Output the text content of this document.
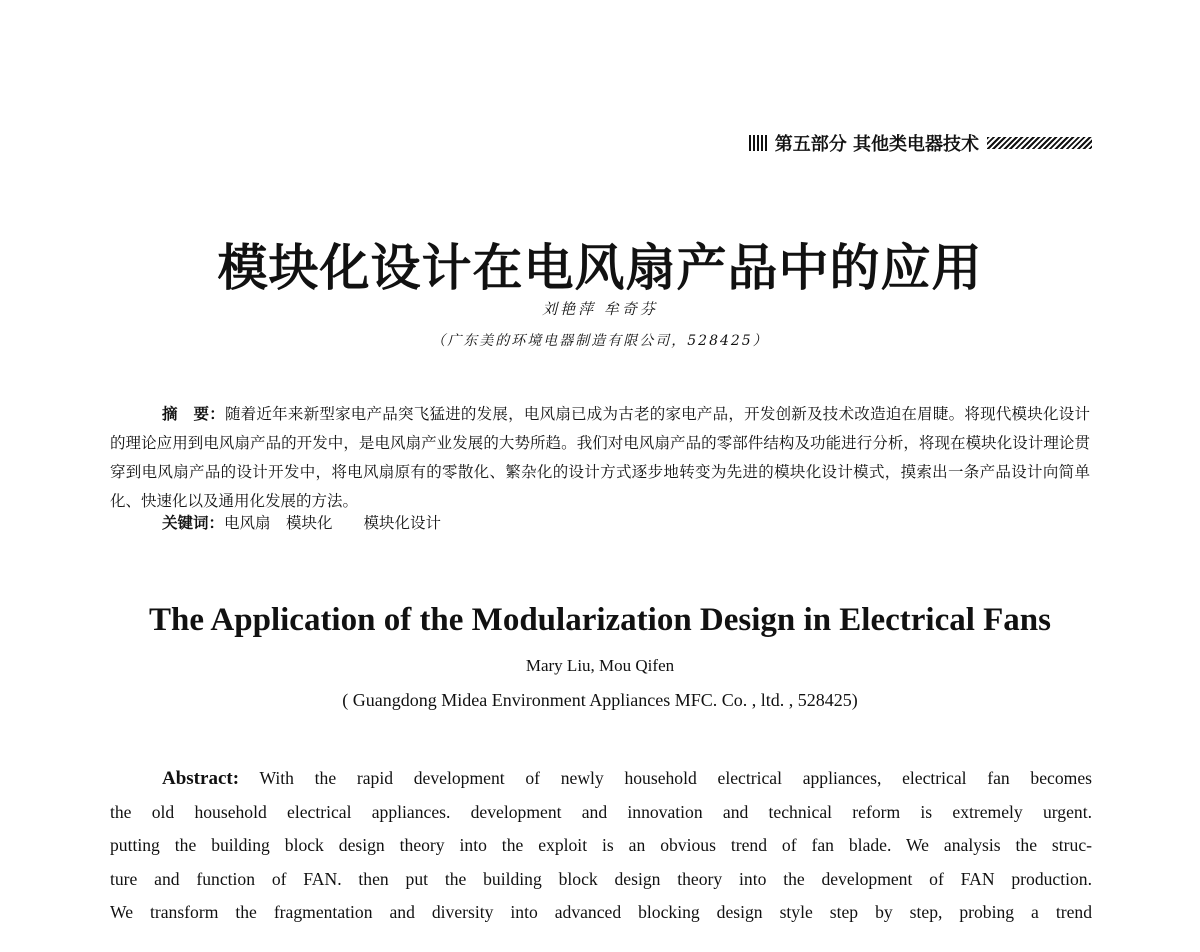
第五部分 其他类电器技术
模块化设计在电风扇产品中的应用
刘艳萍 牟奇芬
（广东美的环境电器制造有限公司，528425）
摘　要：随着近年来新型家电产品突飞猛进的发展，电风扇已成为古老的家电产品，开发创新及技术改造迫在眉睫。将现代模块化设计的理论应用到电风扇产品的开发中，是电风扇产业发展的大势所趋。我们对电风扇产品的零部件结构及功能进行分析，将现在模块化设计理论贯穿到电风扇产品的设计开发中，将电风扇原有的零散化、繁杂化的设计方式逐步地转变为先进的模块化设计模式，摸索出一条产品设计向简单化、快速化以及通用化发展的方法。
关键词：电风扇　模块化　　模块化设计
The Application of the Modularization Design in Electrical Fans
Mary Liu, Mou Qifen
( Guangdong Midea Environment Appliances MFC. Co. , ltd. , 528425)
Abstract: With the rapid development of newly household electrical appliances, electrical fan becomes
the old household electrical appliances. development and innovation and technical reform is extremely urgent.
putting the building block design theory into the exploit is an obvious trend of fan blade. We analysis the struc-
ture and function of FAN. then put the building block design theory into the development of FAN production.
We transform the fragmentation and diversity into advanced blocking design style step by step, probing a trend
